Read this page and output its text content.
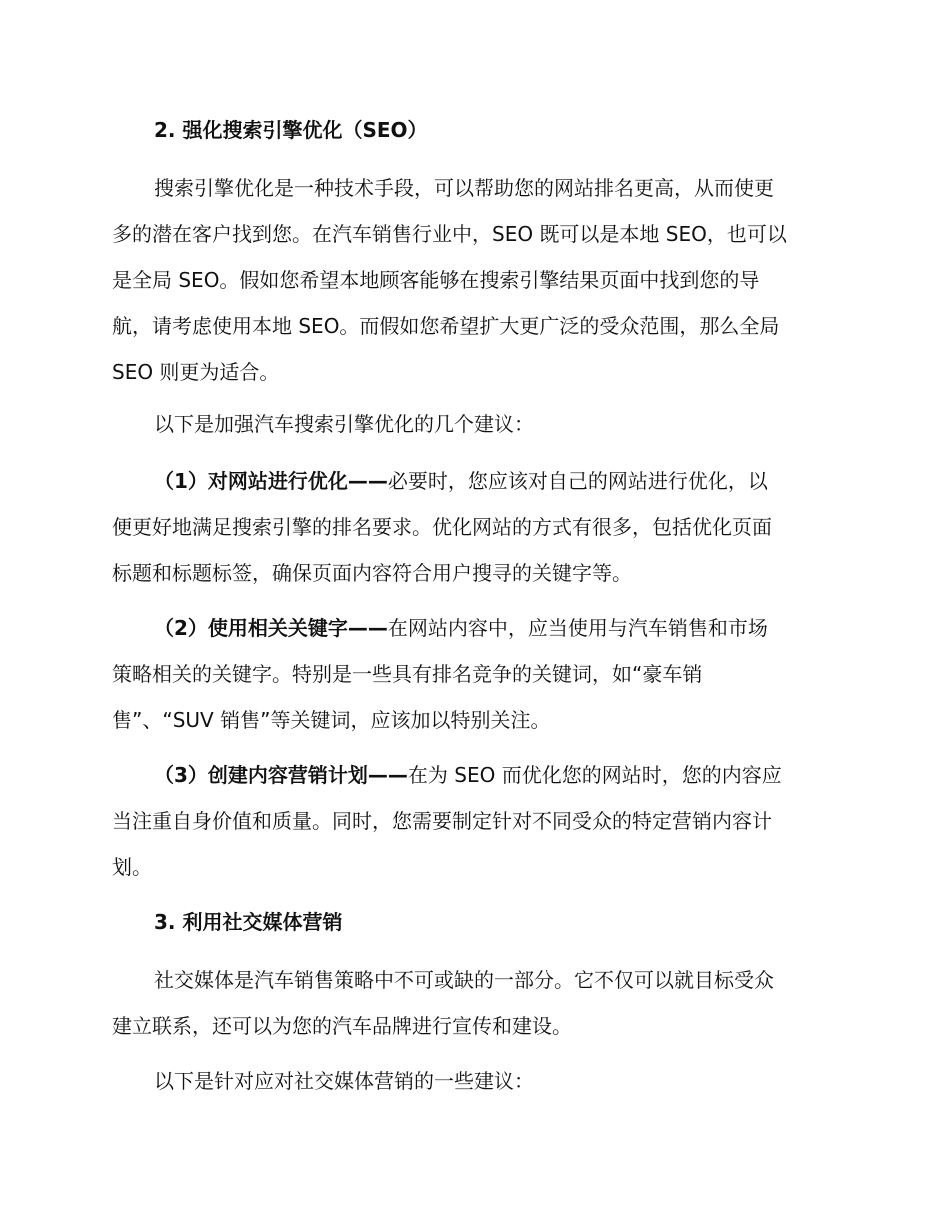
2. 强化搜索引擎优化（SEO）
搜索引擎优化是一种技术手段，可以帮助您的网站排名更高，从而使更
多的潜在客户找到您。在汽车销售行业中，SEO 既可以是本地 SEO，也可以
是全局 SEO。假如您希望本地顾客能够在搜索引擎结果页面中找到您的导
航，请考虑使用本地 SEO。而假如您希望扩大更广泛的受众范围，那么全局
SEO 则更为适合。
以下是加强汽车搜索引擎优化的几个建议：
（1）对网站进行优化——必要时，您应该对自己的网站进行优化，以
便更好地满足搜索引擎的排名要求。优化网站的方式有很多，包括优化页面
标题和标题标签，确保页面内容符合用户搜寻的关键字等。
（2）使用相关关键字——在网站内容中，应当使用与汽车销售和市场
策略相关的关键字。特别是一些具有排名竞争的关键词，如“豪车销
售”、“SUV 销售”等关键词，应该加以特别关注。
（3）创建内容营销计划——在为 SEO 而优化您的网站时，您的内容应
当注重自身价值和质量。同时，您需要制定针对不同受众的特定营销内容计
划。
3. 利用社交媒体营销
社交媒体是汽车销售策略中不可或缺的一部分。它不仅可以就目标受众
建立联系，还可以为您的汽车品牌进行宣传和建设。
以下是针对应对社交媒体营销的一些建议：
